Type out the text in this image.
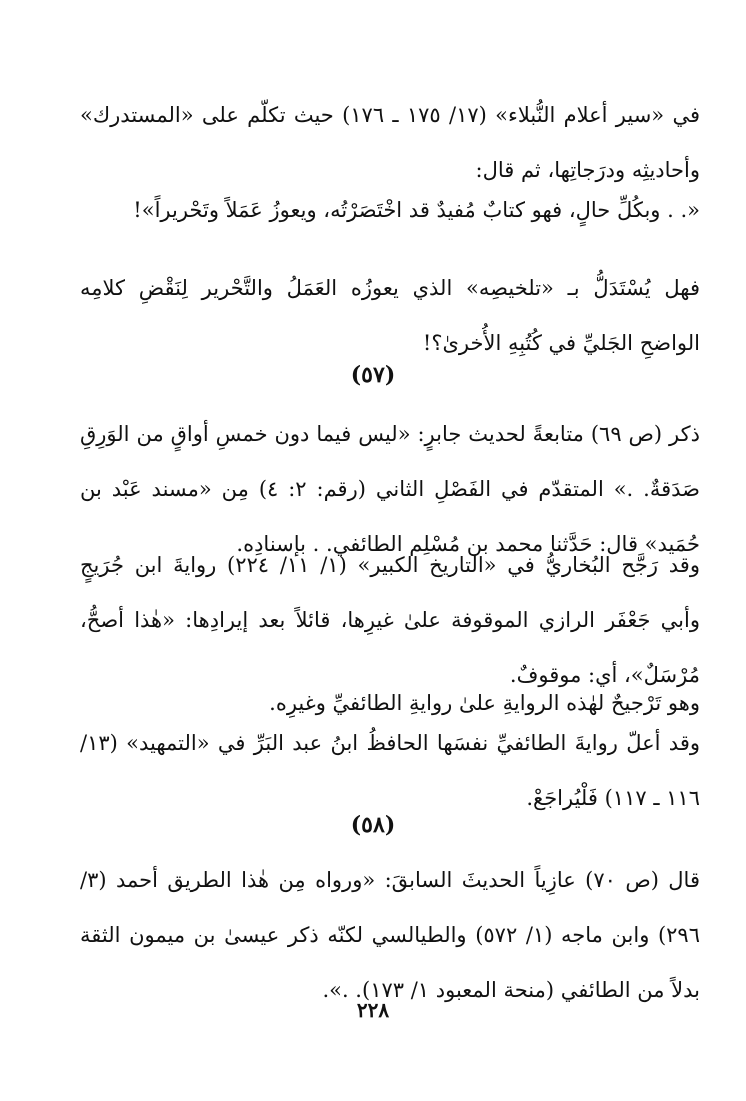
في «سير أعلام النُّبلاء» (١٧/ ١٧٥ ـ ١٧٦) حيث تكلّم على «المستدرك» وأحاديثِه ودرَجاتِها، ثم قال:

«. . وبكُلِّ حالٍ، فهو كتابٌ مُفيدٌ قد اخْتَصَرْتُه، ويعوزُ عَمَلاً وتَحْريراً»!

فهل يُسْتَدَلُّ بـ «تلخيصِه» الذي يعوزُه العَمَلُ والتَّحْرير لِنَقْضِ كلامِه الواضحِ الجَليِّ في كُتُبِهِ الأُخرىٰ؟!

(٥٧)

ذكر (ص ٦٩) متابعةً لحديث جابرٍ: «ليس فيما دون خمسِ أواقٍ من الوَرِقِ صَدَقةٌ. .» المتقدّم في الفَصْلِ الثاني (رقم: ٢: ٤) مِن «مسند عَبْد بن حُمَيد» قال: حَدَّثنا محمد بن مُسْلِم الطائفي. . بإسنادِه.

وقد رَجَّح البُخاريُّ في «التاريخ الكبير» (١/ ١١/ ٢٢٤) روايةَ ابن جُرَيجٍ وأبي جَعْفَر الرازي الموقوفة علىٰ غيرِها، قائلاً بعد إيرادِها: «هٰذا أصحُّ، مُرْسَلٌ»، أي: موقوفٌ.

وهو تَرْجيحٌ لهٰذه الروايةِ علىٰ روايةِ الطائفيِّ وغيرِه.

وقد أعلّ روايةَ الطائفيِّ نفسَها الحافظُ ابنُ عبد البَرِّ في «التمهيد» (١٣/ ١١٦ ـ ١١٧) فَلْيُراجَعْ.

(٥٨)

قال (ص ٧٠) عازِياً الحديثَ السابقَ: «ورواه مِن هٰذا الطريق أحمد (٣/ ٢٩٦) وابن ماجه (١/ ٥٧٢) والطيالسي لكنّه ذكر عيسىٰ بن ميمون الثقة بدلاً من الطائفي (منحة المعبود ١/ ١٧٣). .».

٢٢٨
